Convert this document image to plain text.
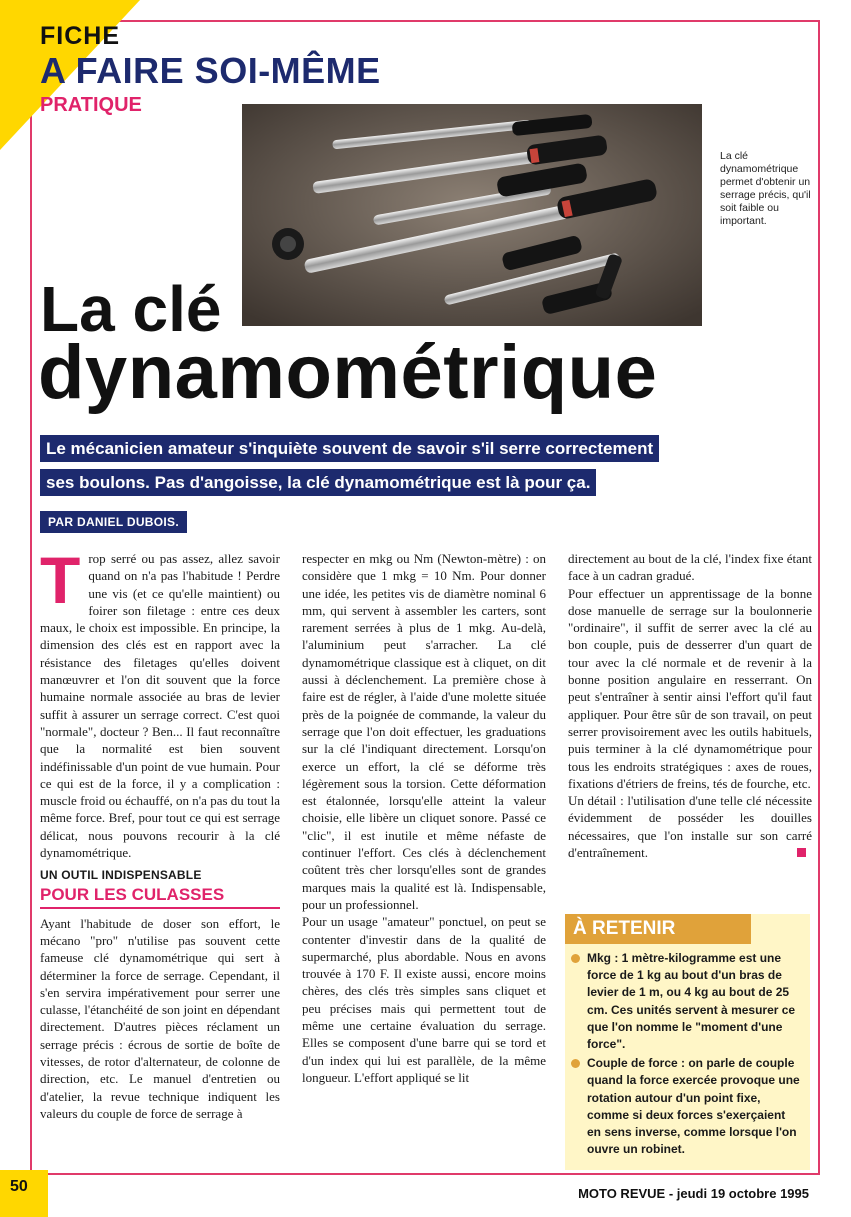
FICHE
A FAIRE SOI-MÊME
PRATIQUE
La clé dynamométrique permet d'obtenir un serrage précis, qu'il soit faible ou important.
La clé
dynamométrique
Le mécanicien amateur s'inquiète souvent de savoir s'il serre correctement
ses boulons. Pas d'angoisse, la clé dynamométrique est là pour ça.
PAR DANIEL DUBOIS.
T rop serré ou pas assez, allez savoir quand on n'a pas l'habitude ! Perdre une vis (et ce qu'elle maintient) ou foirer son filetage : entre ces deux maux, le choix est impossible. En principe, la dimension des clés est en rapport avec la résistance des filetages qu'elles doivent manœuvrer et l'on dit souvent que la force humaine normale associée au bras de levier suffit à assurer un serrage correct. C'est quoi "normale", docteur ? Ben... Il faut reconnaître que la normalité est bien souvent indéfinissable d'un point de vue humain. Pour ce qui est de la force, il y a complication : muscle froid ou échauffé, on n'a pas du tout la même force. Bref, pour tout ce qui est serrage délicat, nous pouvons recourir à la clé dynamométrique.

UN OUTIL INDISPENSABLE
POUR LES CULASSES

Ayant l'habitude de doser son effort, le mécano "pro" n'utilise pas souvent cette fameuse clé dynamométrique qui sert à déterminer la force de serrage. Cependant, il s'en servira impérativement pour serrer une culasse, l'étanchéité de son joint en dépendant directement. D'autres pièces réclament un serrage précis : écrous de sortie de boîte de vitesses, de rotor d'alternateur, de colonne de direction, etc. Le manuel d'entretien ou d'atelier, la revue technique indiquent les valeurs du couple de force de serrage à

respecter en mkg ou Nm (Newton-mètre) : on considère que 1 mkg = 10 Nm. Pour donner une idée, les petites vis de diamètre nominal 6 mm, qui servent à assembler les carters, sont rarement serrées à plus de 1 mkg. Au-delà, l'aluminium peut s'arracher. La clé dynamométrique classique est à cliquet, on dit aussi à déclenchement. La première chose à faire est de régler, à l'aide d'une molette située près de la poignée de commande, la valeur du serrage que l'on doit effectuer, les graduations sur la clé l'indiquant directement. Lorsqu'on exerce un effort, la clé se déforme très légèrement sous la torsion. Cette déformation est étalonnée, lorsqu'elle atteint la valeur choisie, elle libère un cliquet sonore. Passé ce "clic", il est inutile et même néfaste de continuer l'effort. Ces clés à déclenchement coûtent très cher lorsqu'elles sont de grandes marques mais la qualité est là. Indispensable, pour un professionnel.

Pour un usage "amateur" ponctuel, on peut se contenter d'investir dans de la qualité de supermarché, plus abordable. Nous en avons trouvée à 170 F. Il existe aussi, encore moins chères, des clés très simples sans cliquet et peu précises mais qui permettent tout de même une certaine évaluation du serrage. Elles se composent d'une barre qui se tord et d'un index qui lui est parallèle, de la même longueur. L'effort appliqué se lit

directement au bout de la clé, l'index fixe étant face à un cadran gradué.

Pour effectuer un apprentissage de la bonne dose manuelle de serrage sur la boulonnerie "ordinaire", il suffit de serrer avec la clé au bon couple, puis de desserrer d'un quart de tour avec la clé normale et de revenir à la bonne position angulaire en resserrant. On peut s'entraîner à sentir ainsi l'effort qu'il faut appliquer. Pour être sûr de son travail, on peut serrer provisoirement avec les outils habituels, puis terminer à la clé dynamométrique pour tous les endroits stratégiques : axes de roues, fixations d'étriers de freins, tés de fourche, etc.

Un détail : l'utilisation d'une telle clé nécessite évidemment de posséder les douilles nécessaires, que l'on installe sur son carré d'entraînement.

À RETENIR
Mkg : 1 mètre-kilogramme est une force de 1 kg au bout d'un bras de levier de 1 m, ou 4 kg au bout de 25 cm. Ces unités servent à mesurer ce que l'on nomme le "moment d'une force".
Couple de force : on parle de couple quand la force exercée provoque une rotation autour d'un point fixe, comme si deux forces s'exerçaient en sens inverse, comme lorsque l'on ouvre un robinet.
50	MOTO REVUE - jeudi 19 octobre 1995
